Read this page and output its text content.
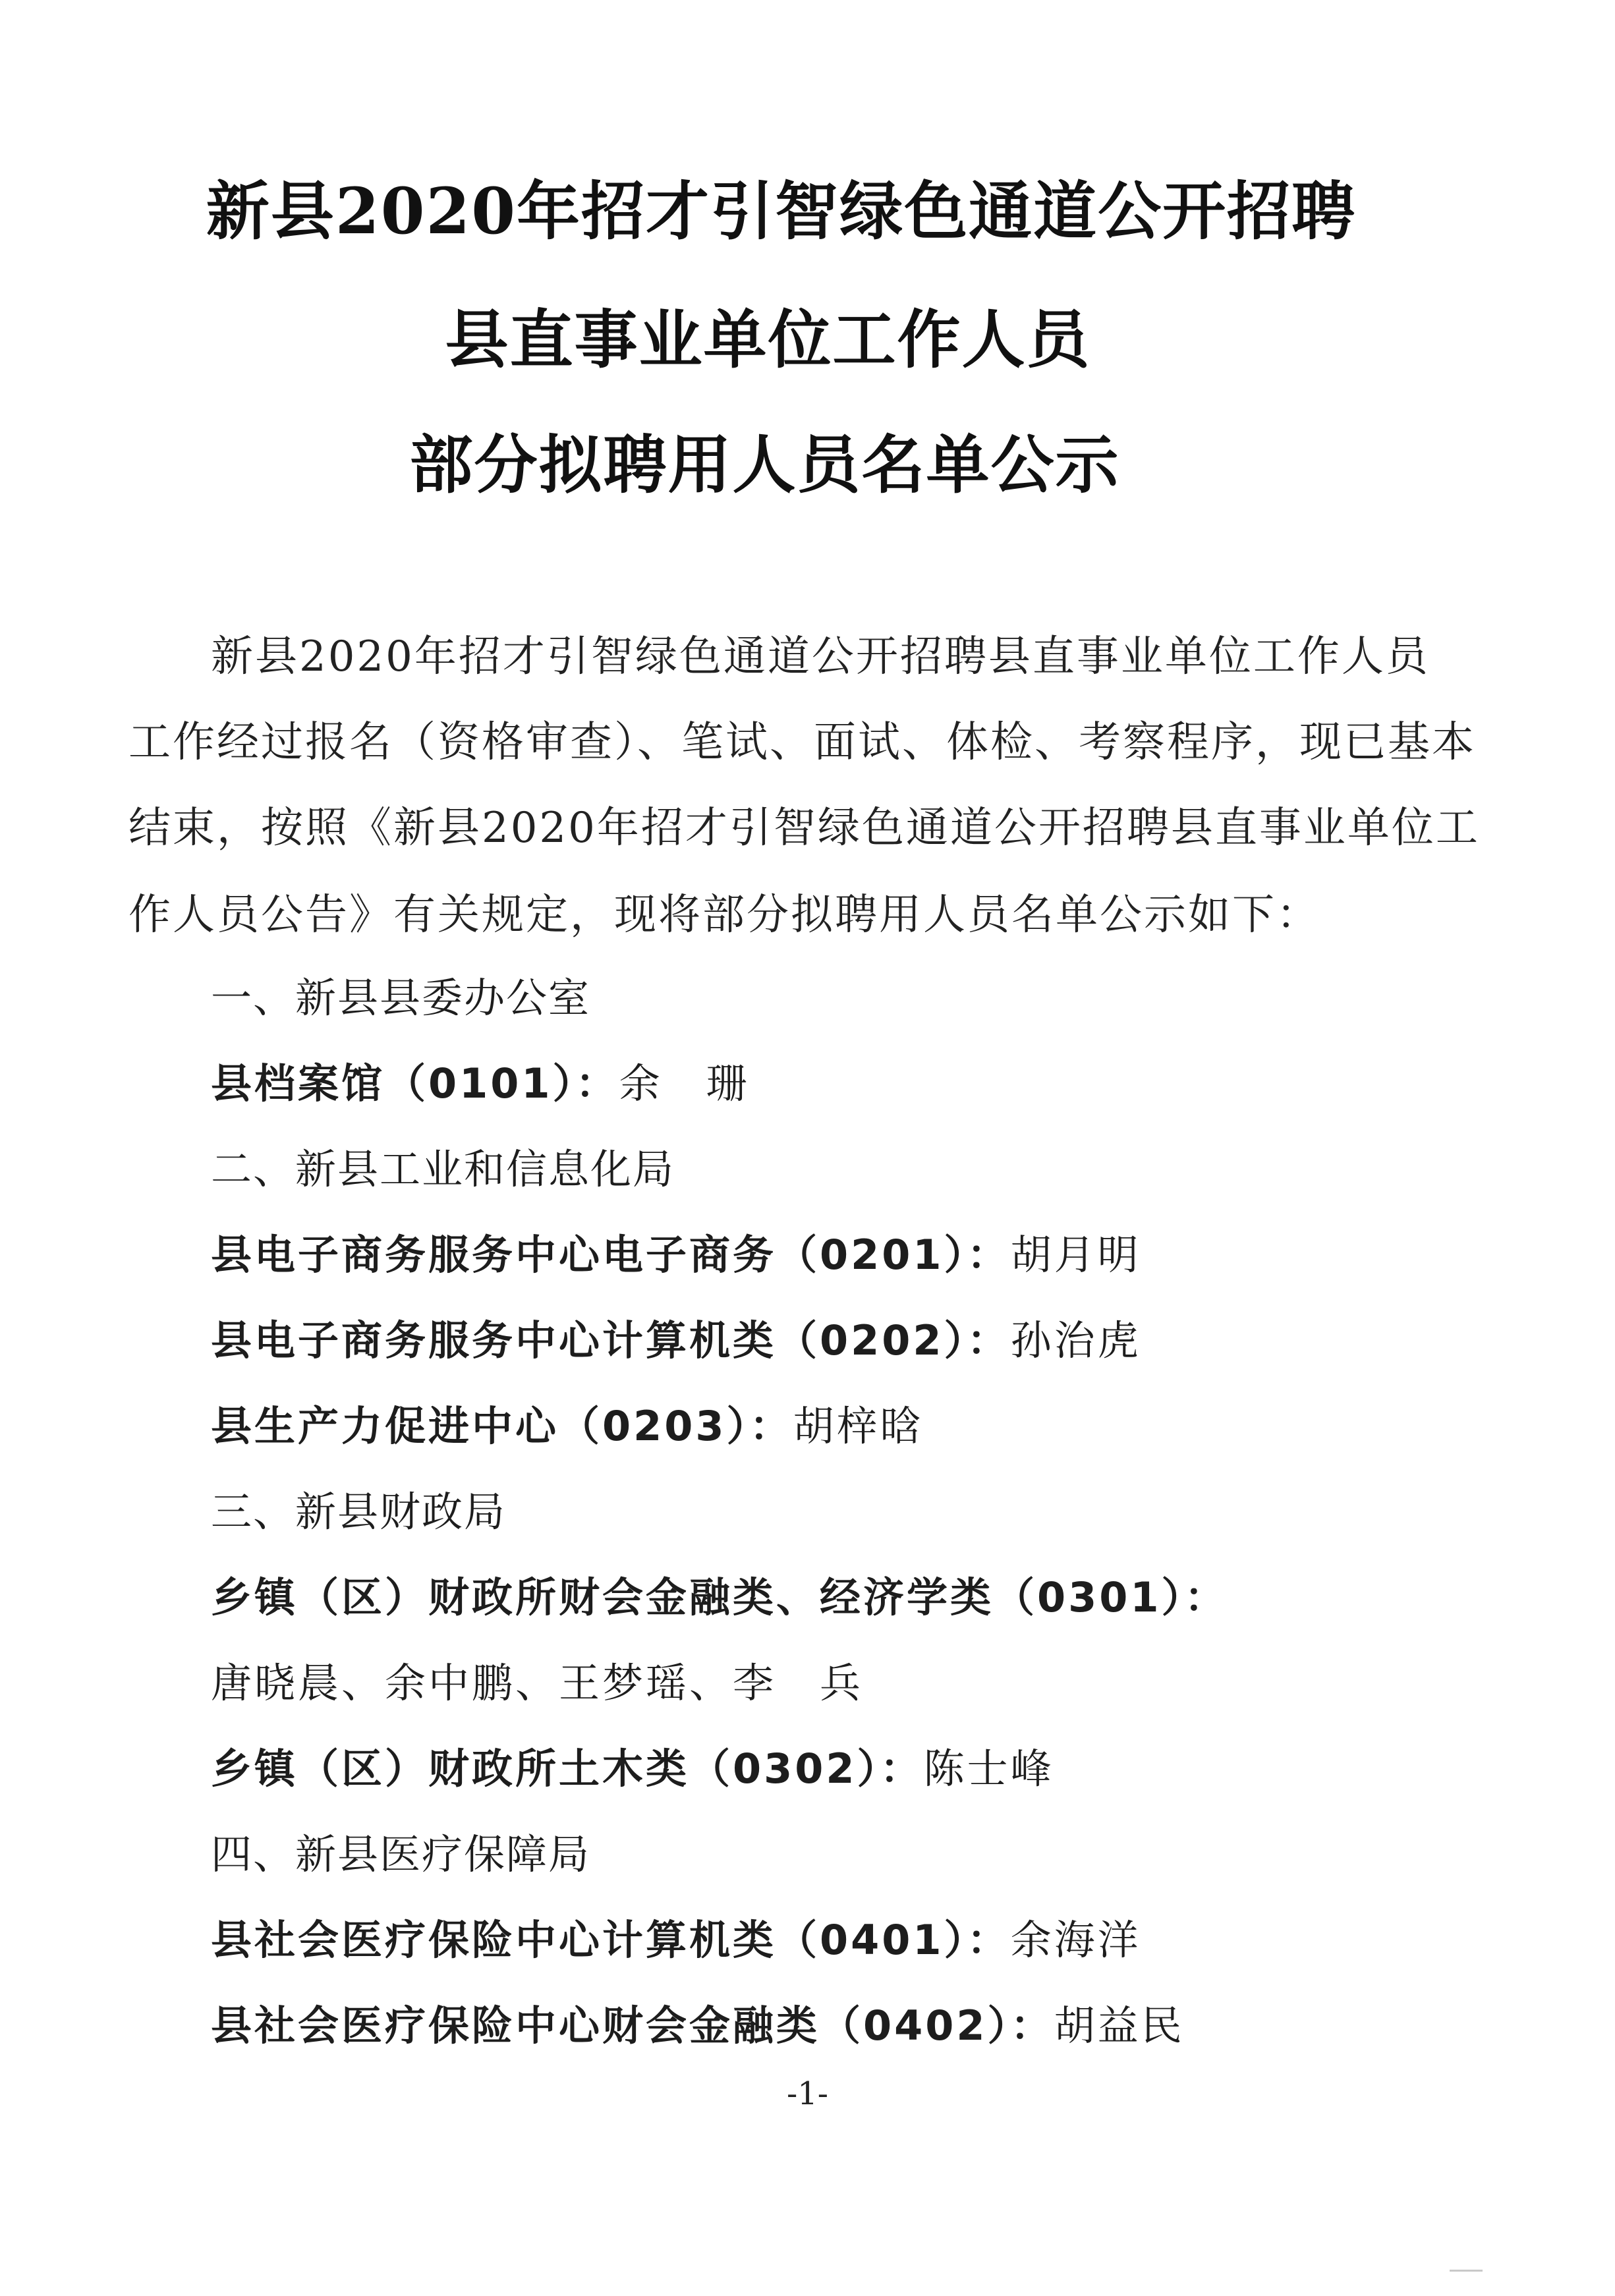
新县2020年招才引智绿色通道公开招聘
县直事业单位工作人员
部分拟聘用人员名单公示
新县2020年招才引智绿色通道公开招聘县直事业单位工作人员
工作经过报名（资格审查）、笔试、面试、体检、考察程序，现已基本
结束，按照《新县2020年招才引智绿色通道公开招聘县直事业单位工
作人员公告》有关规定，现将部分拟聘用人员名单公示如下：
一、新县县委办公室
县档案馆（0101）：余　珊
二、新县工业和信息化局
县电子商务服务中心电子商务（0201）：胡月明
县电子商务服务中心计算机类（0202）：孙治虎
县生产力促进中心（0203）：胡梓晗
三、新县财政局
乡镇（区）财政所财会金融类、经济学类（0301）：
唐晓晨、余中鹏、王梦瑶、李　兵
乡镇（区）财政所土木类（0302）：陈士峰
四、新县医疗保障局
县社会医疗保险中心计算机类（0401）：余海洋
县社会医疗保险中心财会金融类（0402）：胡益民
-1-
